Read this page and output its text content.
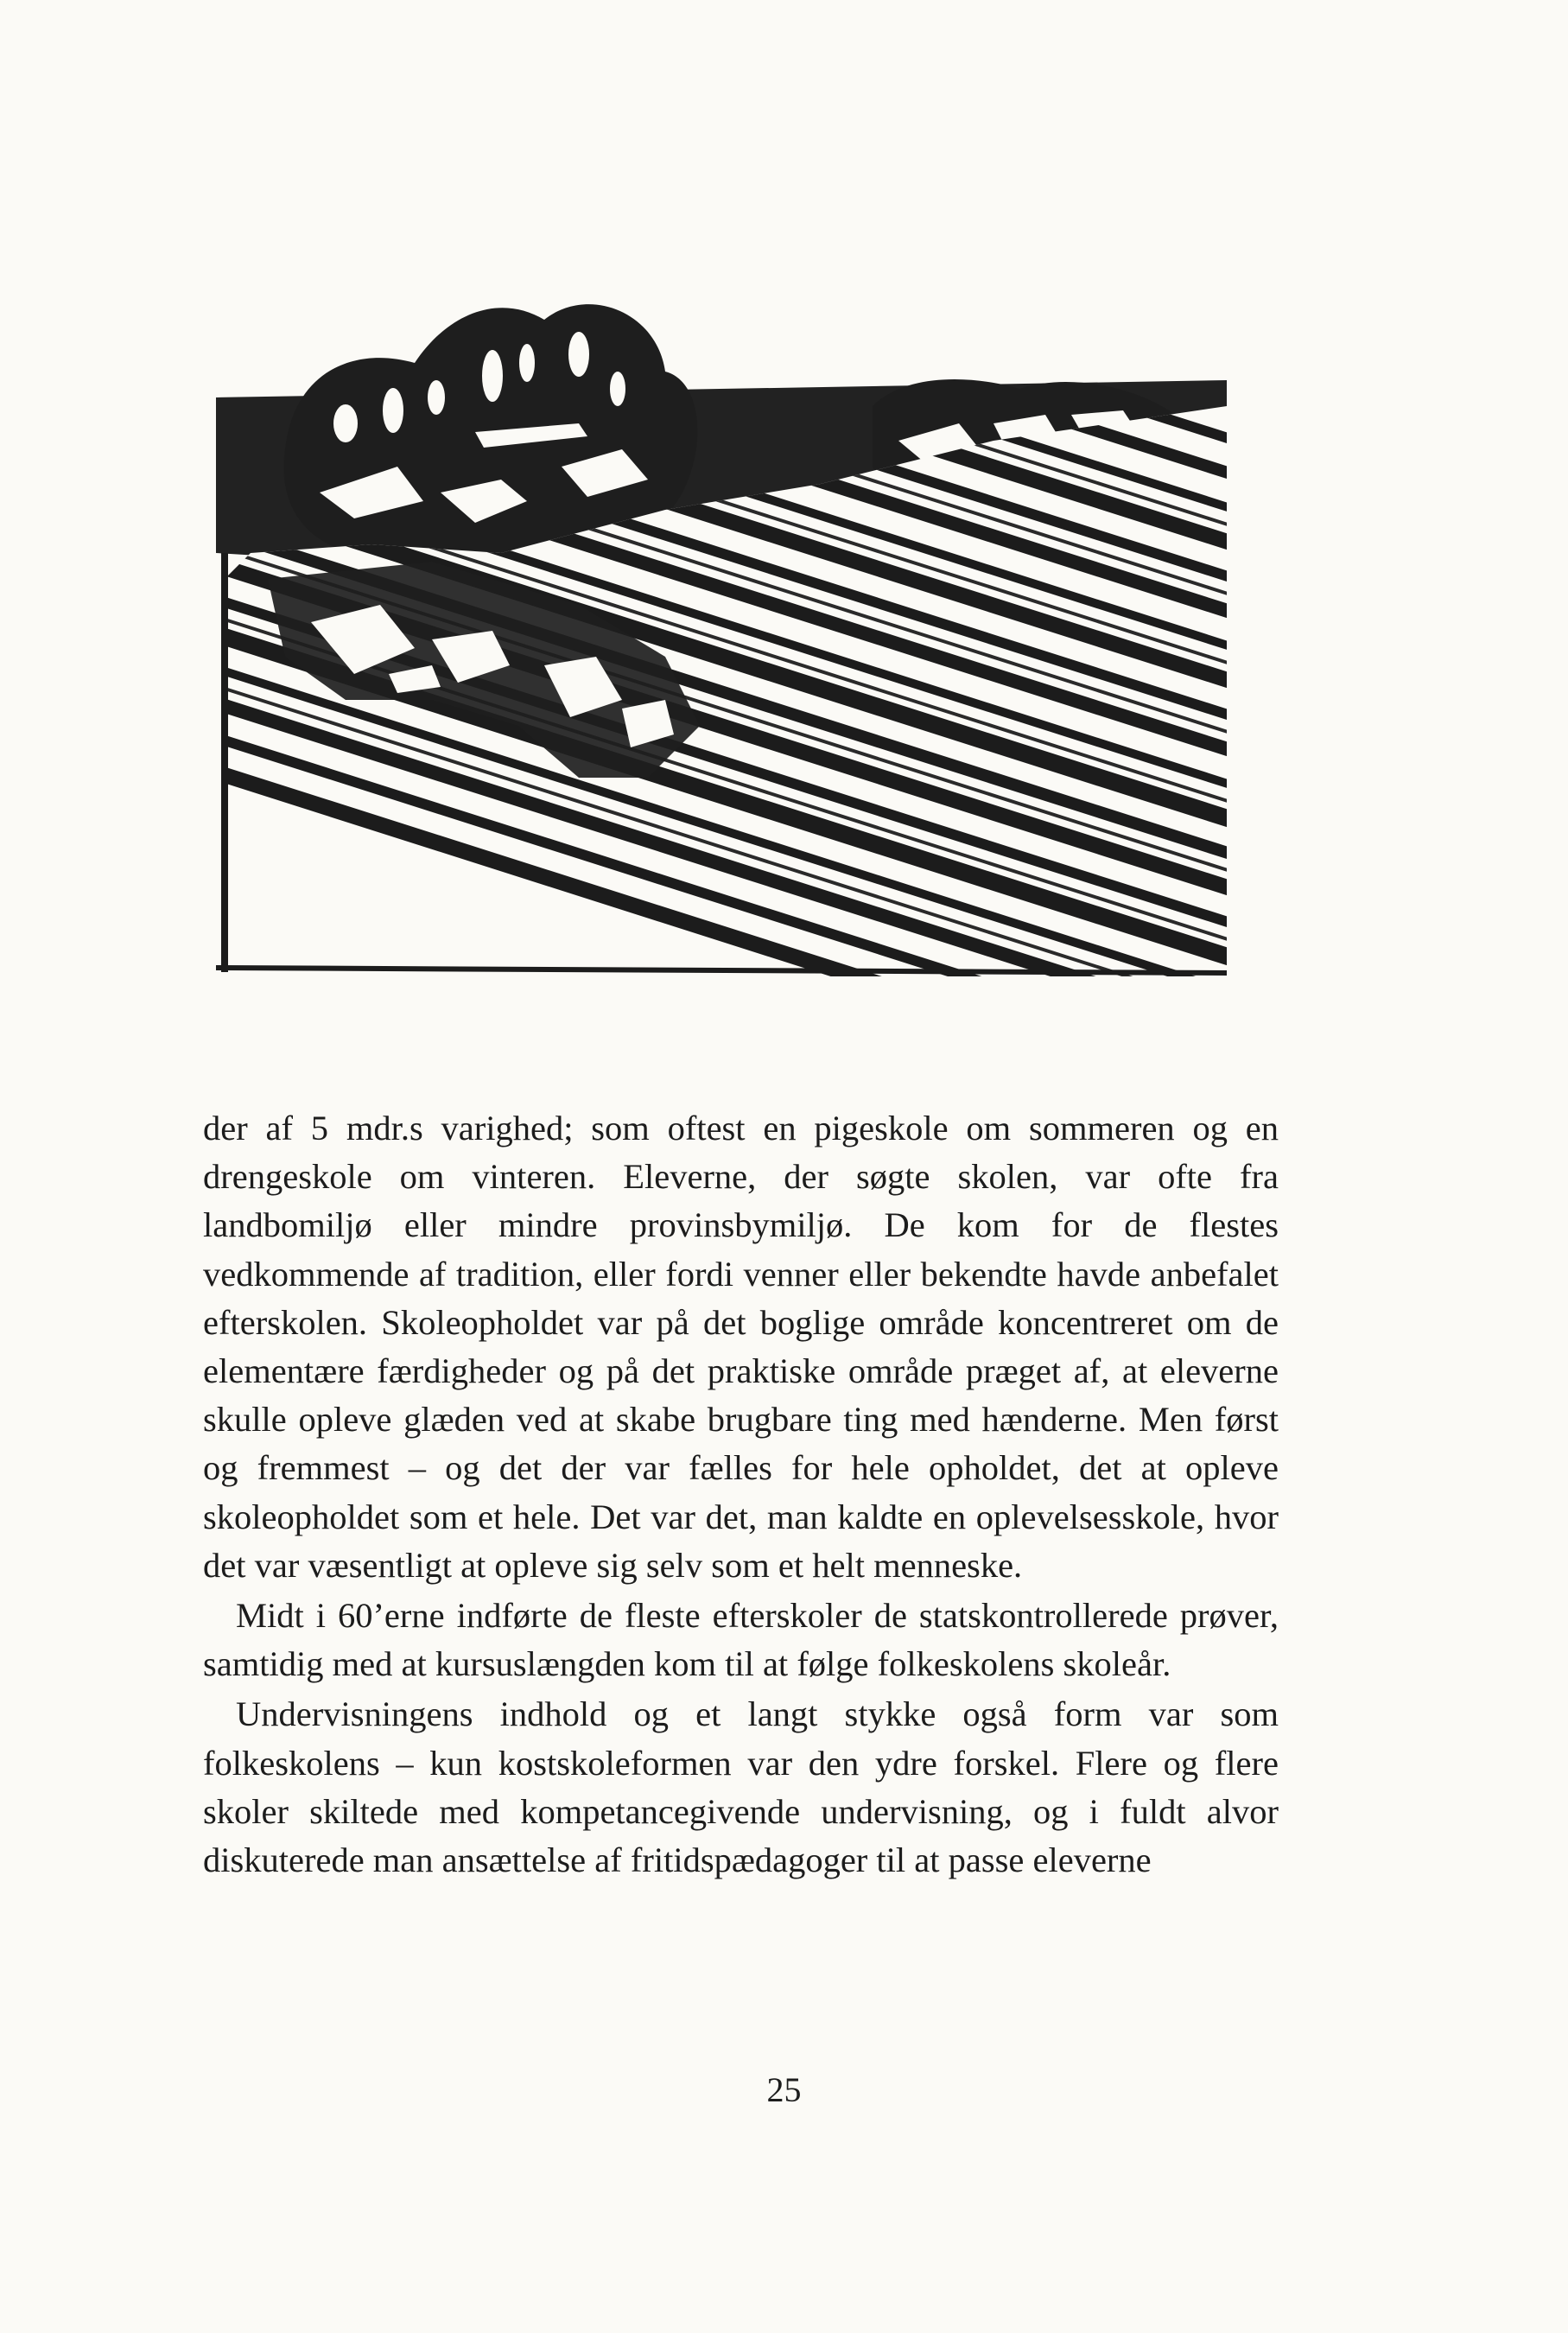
der af 5 mdr.s varighed; som oftest en pigeskole om sommeren og en drengeskole om vinteren. Eleverne, der søgte skolen, var ofte fra landbomiljø eller mindre provinsbymiljø. De kom for de flestes vedkommende af tradition, eller fordi venner eller bekendte havde anbefalet efterskolen. Skoleopholdet var på det boglige område koncentreret om de elementære færdigheder og på det praktiske område præget af, at eleverne skulle opleve glæden ved at skabe brugbare ting med hænderne. Men først og fremmest – og det der var fælles for hele opholdet, det at opleve skoleopholdet som et hele. Det var det, man kaldte en oplevelsesskole, hvor det var væsentligt at opleve sig selv som et helt menneske.

Midt i 60’erne indførte de fleste efterskoler de statskontrollerede prøver, samtidig med at kursuslængden kom til at følge folkeskolens skoleår.

Undervisningens indhold og et langt stykke også form var som folkeskolens – kun kostskoleformen var den ydre forskel. Flere og flere skoler skiltede med kompetancegivende undervisning, og i fuldt alvor diskuterede man ansættelse af fritidspædagoger til at passe eleverne

25
